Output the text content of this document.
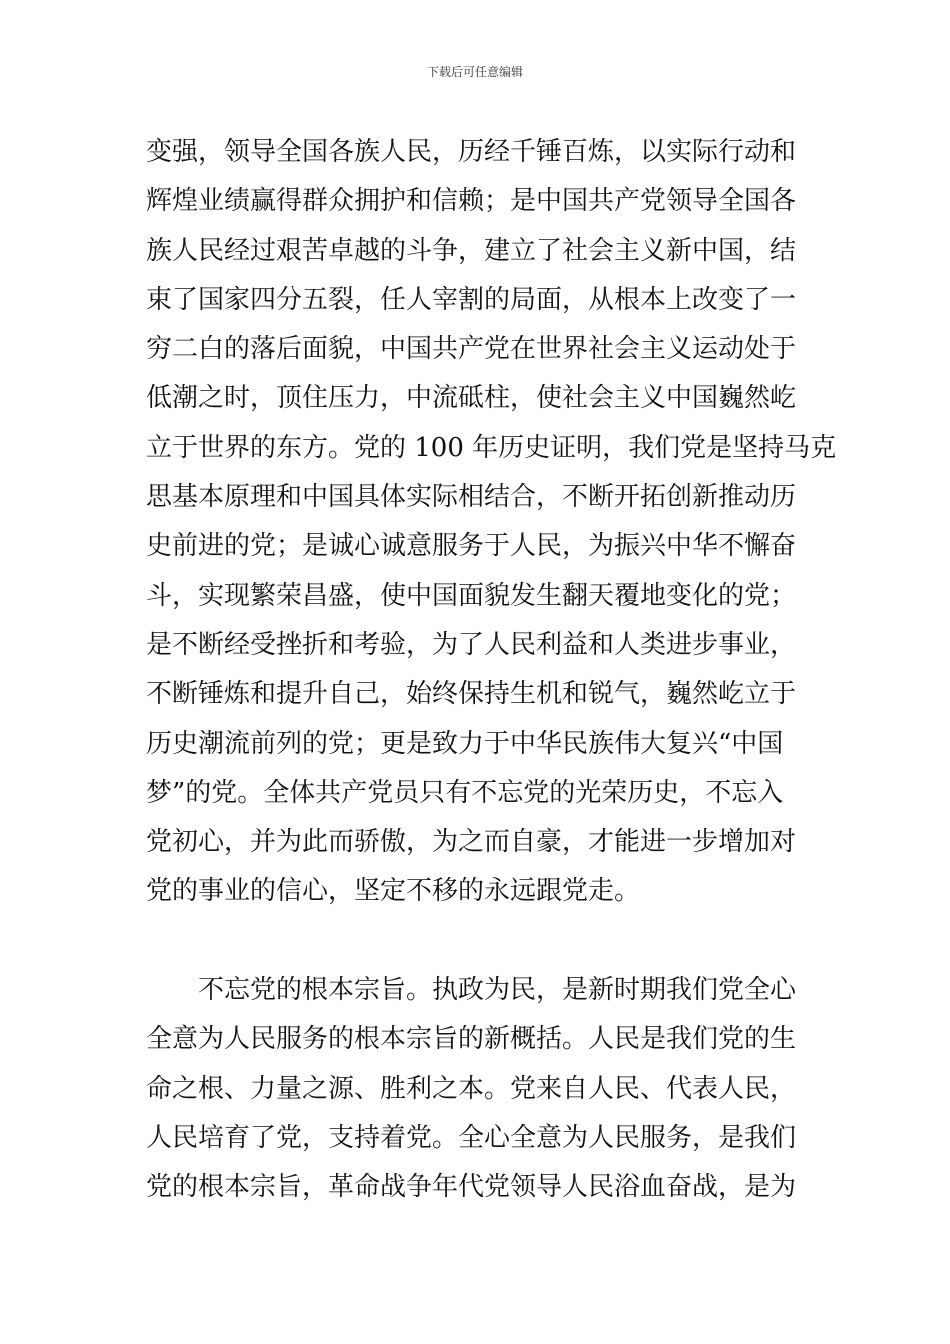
下载后可任意编辑
变强，领导全国各族人民，历经千锤百炼，以实际行动和
辉煌业绩赢得群众拥护和信赖；是中国共产党领导全国各
族人民经过艰苦卓越的斗争，建立了社会主义新中国，结
束了国家四分五裂，任人宰割的局面，从根本上改变了一
穷二白的落后面貌，中国共产党在世界社会主义运动处于
低潮之时，顶住压力，中流砥柱，使社会主义中国巍然屹
立于世界的东方。党的 100 年历史证明，我们党是坚持马克
思基本原理和中国具体实际相结合，不断开拓创新推动历
史前进的党；是诚心诚意服务于人民，为振兴中华不懈奋
斗，实现繁荣昌盛，使中国面貌发生翻天覆地变化的党；
是不断经受挫折和考验，为了人民利益和人类进步事业，
不断锤炼和提升自己，始终保持生机和锐气，巍然屹立于
历史潮流前列的党；更是致力于中华民族伟大复兴“中国
梦”的党。全体共产党员只有不忘党的光荣历史，不忘入
党初心，并为此而骄傲，为之而自豪，才能进一步增加对
党的事业的信心，坚定不移的永远跟党走。
　　不忘党的根本宗旨。执政为民，是新时期我们党全心
全意为人民服务的根本宗旨的新概括。人民是我们党的生
命之根、力量之源、胜利之本。党来自人民、代表人民，
人民培育了党，支持着党。全心全意为人民服务，是我们
党的根本宗旨，革命战争年代党领导人民浴血奋战，是为
